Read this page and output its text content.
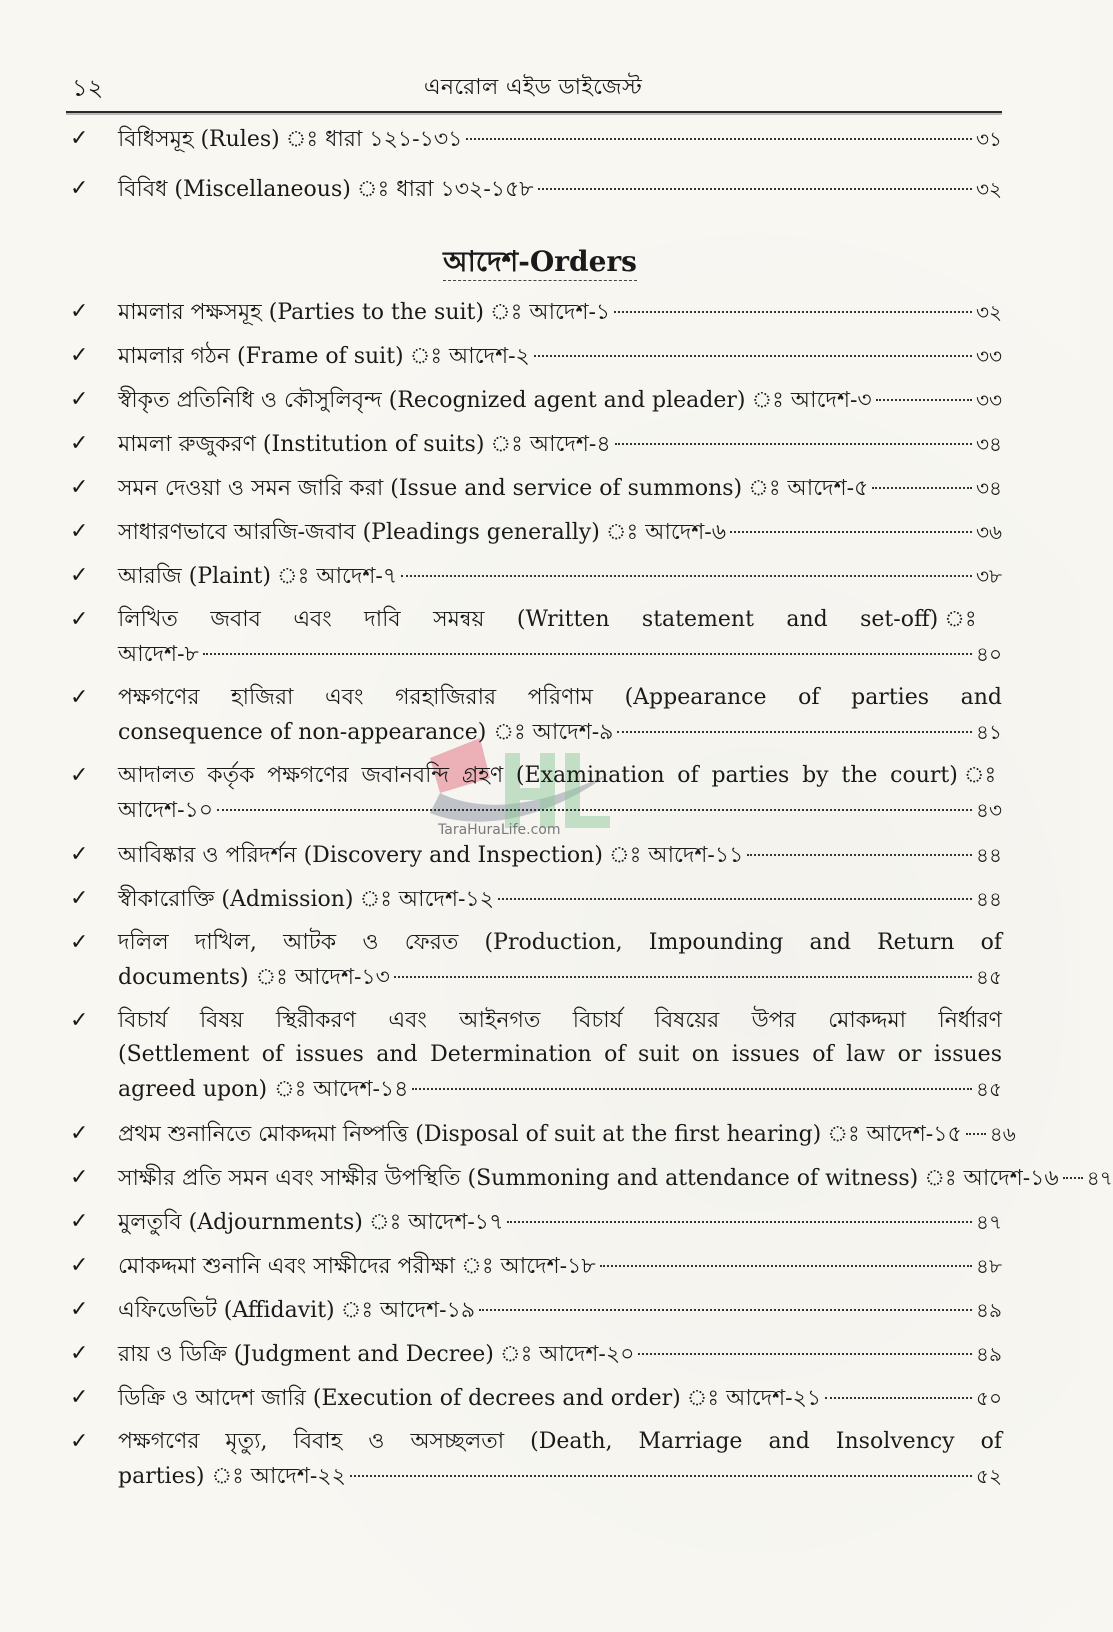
১২	এনরোল এইড ডাইজেস্ট
আদেশ-Orders
TaraHuraLife.com
✓	বিধিসমূহ (Rules) ঃ ধারা ১২১-১৩১	৩১
✓	বিবিধ (Miscellaneous) ঃ ধারা ১৩২-১৫৮	৩২
✓	মামলার পক্ষসমূহ (Parties to the suit) ঃ আদেশ-১	৩২
✓	মামলার গঠন (Frame of suit) ঃ আদেশ-২	৩৩
✓	স্বীকৃত প্রতিনিধি ও কৌসুলিবৃন্দ (Recognized agent and pleader) ঃ আদেশ-৩	৩৩
✓	মামলা রুজুকরণ (Institution of suits) ঃ আদেশ-৪	৩৪
✓	সমন দেওয়া ও সমন জারি করা (Issue and service of summons) ঃ আদেশ-৫	৩৪
✓	সাধারণভাবে আরজি-জবাব (Pleadings generally) ঃ আদেশ-৬	৩৬
✓	আরজি (Plaint) ঃ আদেশ-৭	৩৮
✓	লিখিত জবাব এবং দাবি সমন্বয় (Written statement and set-off) ঃ
আদেশ-৮	৪০
✓	পক্ষগণের হাজিরা এবং গরহাজিরার পরিণাম (Appearance of parties and
consequence of non-appearance) ঃ আদেশ-৯	৪১
✓	আদালত কর্তৃক পক্ষগণের জবানবন্দি গ্রহণ (Examination of parties by the court) ঃ
আদেশ-১০	৪৩
✓	আবিষ্কার ও পরিদর্শন (Discovery and Inspection) ঃ আদেশ-১১	৪৪
✓	স্বীকারোক্তি (Admission) ঃ আদেশ-১২	৪৪
✓	দলিল দাখিল, আটক ও ফেরত (Production, Impounding and Return of
documents) ঃ আদেশ-১৩	৪৫
✓	বিচার্য বিষয় স্থিরীকরণ এবং আইনগত বিচার্য বিষয়ের উপর মোকদ্দমা নির্ধারণ
(Settlement of issues and Determination of suit on issues of law or issues
agreed upon) ঃ আদেশ-১৪	৪৫
✓	প্রথম শুনানিতে মোকদ্দমা নিষ্পত্তি (Disposal of suit at the first hearing) ঃ আদেশ-১৫ ৪৬
✓	সাক্ষীর প্রতি সমন এবং সাক্ষীর উপস্থিতি (Summoning and attendance of witness) ঃ আদেশ-১৬ ৪৭
✓	মুলতুবি (Adjournments) ঃ আদেশ-১৭	৪৭
✓	মোকদ্দমা শুনানি এবং সাক্ষীদের পরীক্ষা ঃ আদেশ-১৮	৪৮
✓	এফিডেভিট (Affidavit) ঃ আদেশ-১৯	৪৯
✓	রায় ও ডিক্রি (Judgment and Decree) ঃ আদেশ-২০	৪৯
✓	ডিক্রি ও আদেশ জারি (Execution of decrees and order) ঃ আদেশ-২১	৫০
✓	পক্ষগণের মৃত্যু, বিবাহ ও অসচ্ছলতা (Death, Marriage and Insolvency of
parties) ঃ আদেশ-২২	৫২
